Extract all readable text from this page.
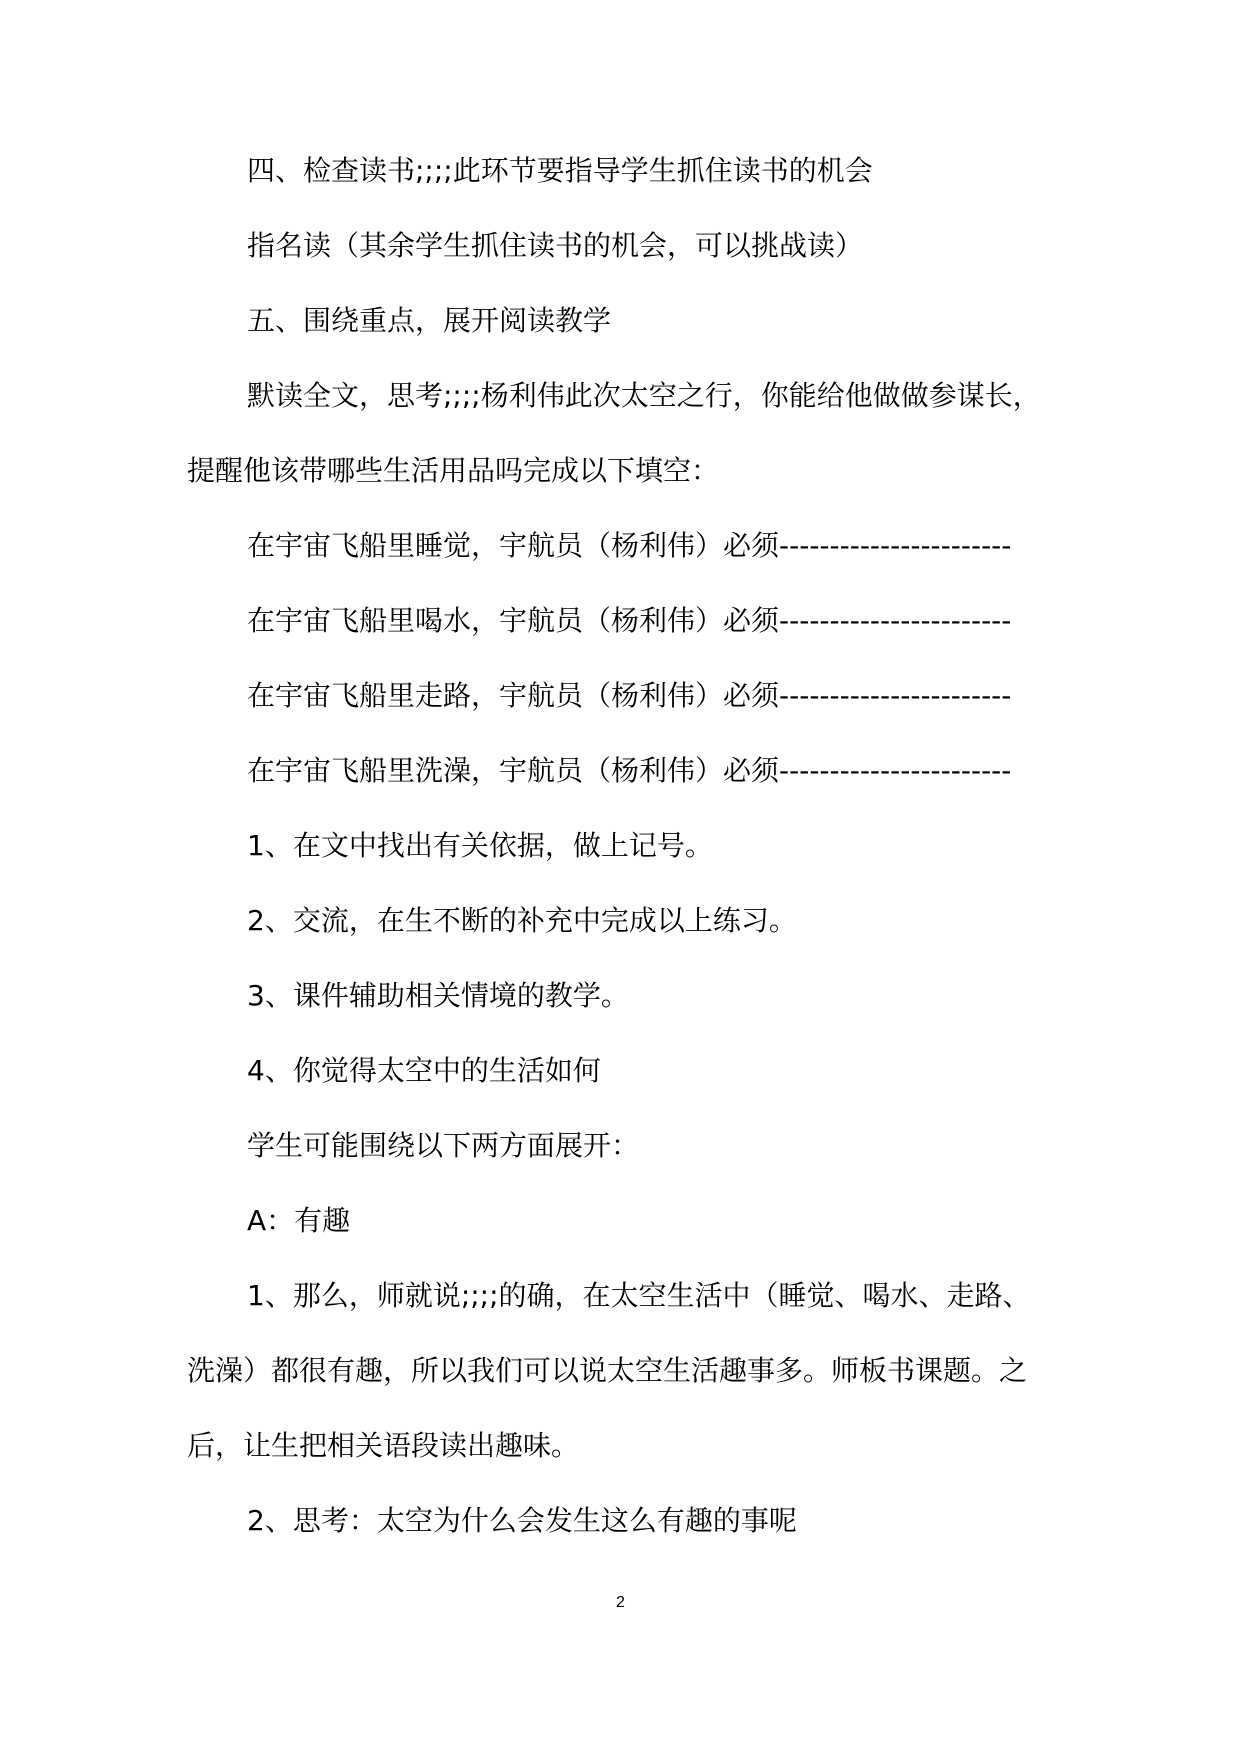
四、检查读书;;;;此环节要指导学生抓住读书的机会
指名读（其余学生抓住读书的机会，可以挑战读）
五、围绕重点，展开阅读教学
默读全文，思考;;;;杨利伟此次太空之行，你能给他做做参谋长，
提醒他该带哪些生活用品吗完成以下填空：
在宇宙飞船里睡觉，宇航员（杨利伟）必须-----------------------
在宇宙飞船里喝水，宇航员（杨利伟）必须-----------------------
在宇宙飞船里走路，宇航员（杨利伟）必须-----------------------
在宇宙飞船里洗澡，宇航员（杨利伟）必须-----------------------
1、在文中找出有关依据，做上记号。
2、交流，在生不断的补充中完成以上练习。
3、课件辅助相关情境的教学。
4、你觉得太空中的生活如何
学生可能围绕以下两方面展开：
A：有趣
1、那么，师就说;;;;的确，在太空生活中（睡觉、喝水、走路、
洗澡）都很有趣，所以我们可以说太空生活趣事多。师板书课题。之
后，让生把相关语段读出趣味。
2、思考：太空为什么会发生这么有趣的事呢
2
